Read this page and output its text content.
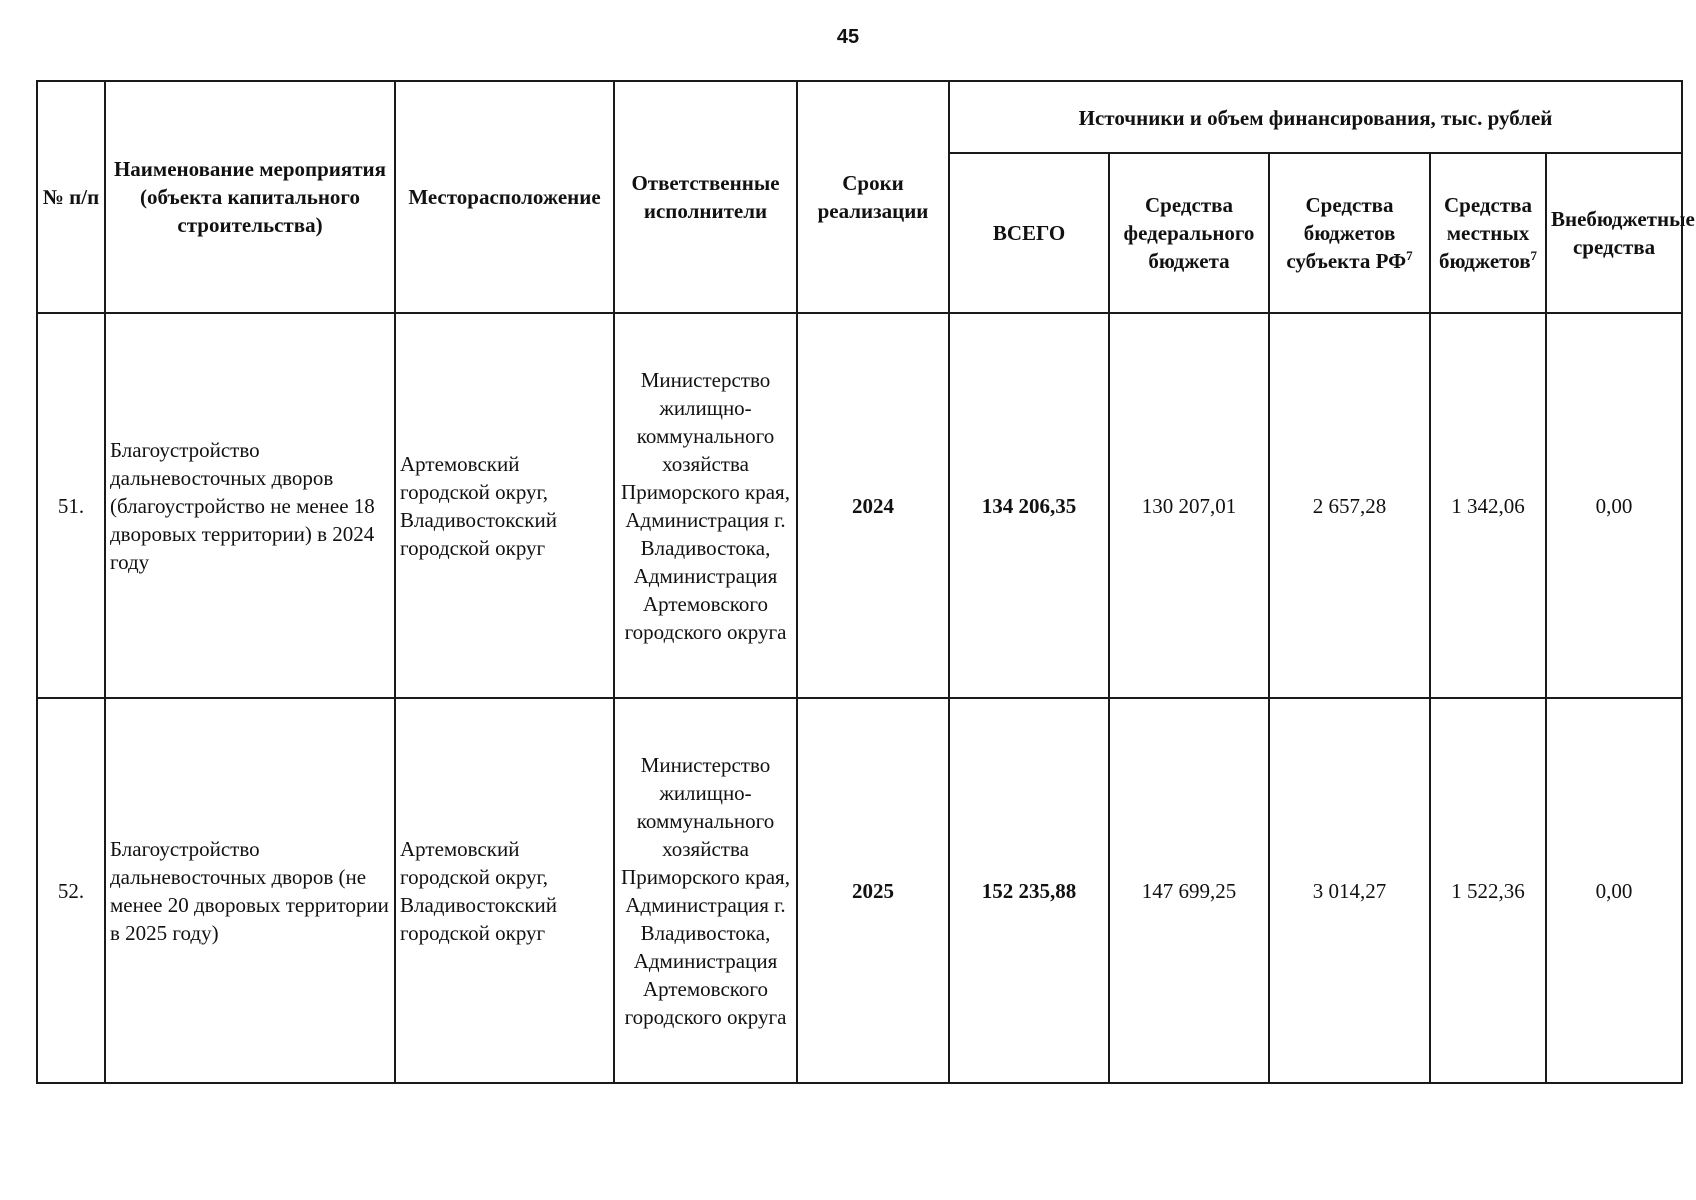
45
№ п/п	Наименование мероприятия (объекта капитального строительства)	Месторасположение	Ответственные исполнители	Сроки реализации	Источники и объем финансирования, тыс. рублей				
					ВСЕГО	Средства федерального бюджета	Средства бюджетов субъекта $РФ^7$	Средства местных бюджетов$^7$	Внебюджетные средства
51.	Благоустройство дальневосточных дворов (благоустройство не менее 18 дворовых территории) в 2024 году	Артемовский городской округ, Владивостокский городской округ	Министерство жилищно-коммунального хозяйства Приморского края, Администрация г. Владивостока, Администрация Артемовского городского округа	2024	134 206,35	130 207,01	2 657,28	1 342,06	0,00
52.	Благоустройство дальневосточных дворов (не менее 20 дворовых территории в 2025 году)	Артемовский городской округ, Владивостокский городской округ	Министерство жилищно-коммунального хозяйства Приморского края, Администрация г. Владивостока, Администрация Артемовского городского округа	2025	152 235,88	147 699,25	3 014,27	1 522,36	0,00
